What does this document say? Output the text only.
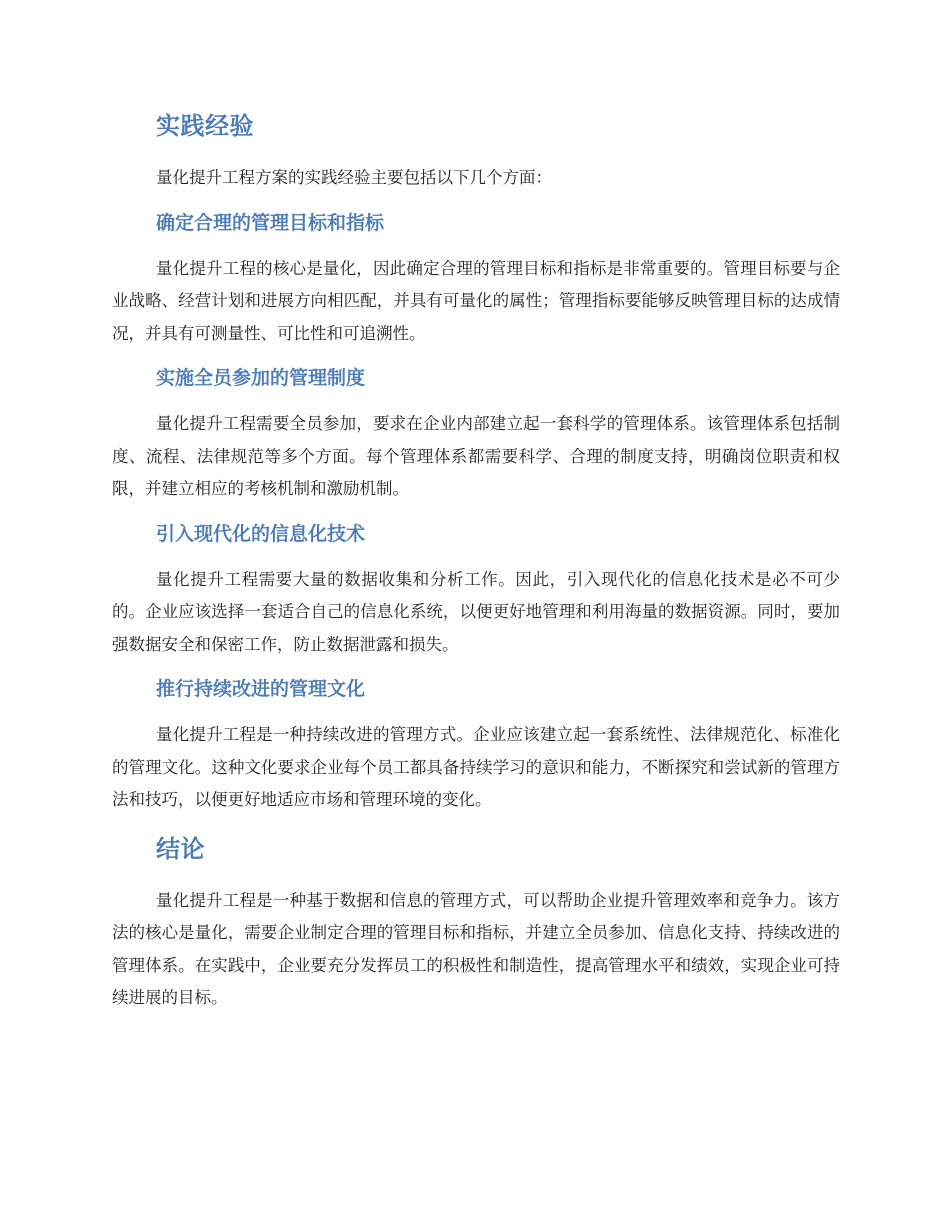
实践经验

量化提升工程方案的实践经验主要包括以下几个方面：

确定合理的管理目标和指标

量化提升工程的核心是量化，因此确定合理的管理目标和指标是非常重要的。管理目标要与企业战略、经营计划和进展方向相匹配，并具有可量化的属性；管理指标要能够反映管理目标的达成情况，并具有可测量性、可比性和可追溯性。

实施全员参加的管理制度

量化提升工程需要全员参加，要求在企业内部建立起一套科学的管理体系。该管理体系包括制度、流程、法律规范等多个方面。每个管理体系都需要科学、合理的制度支持，明确岗位职责和权限，并建立相应的考核机制和激励机制。

引入现代化的信息化技术

量化提升工程需要大量的数据收集和分析工作。因此，引入现代化的信息化技术是必不可少的。企业应该选择一套适合自己的信息化系统，以便更好地管理和利用海量的数据资源。同时，要加强数据安全和保密工作，防止数据泄露和损失。

推行持续改进的管理文化

量化提升工程是一种持续改进的管理方式。企业应该建立起一套系统性、法律规范化、标准化的管理文化。这种文化要求企业每个员工都具备持续学习的意识和能力，不断探究和尝试新的管理方法和技巧，以便更好地适应市场和管理环境的变化。

结论

量化提升工程是一种基于数据和信息的管理方式，可以帮助企业提升管理效率和竞争力。该方法的核心是量化，需要企业制定合理的管理目标和指标，并建立全员参加、信息化支持、持续改进的管理体系。在实践中，企业要充分发挥员工的积极性和制造性，提高管理水平和绩效，实现企业可持续进展的目标。
